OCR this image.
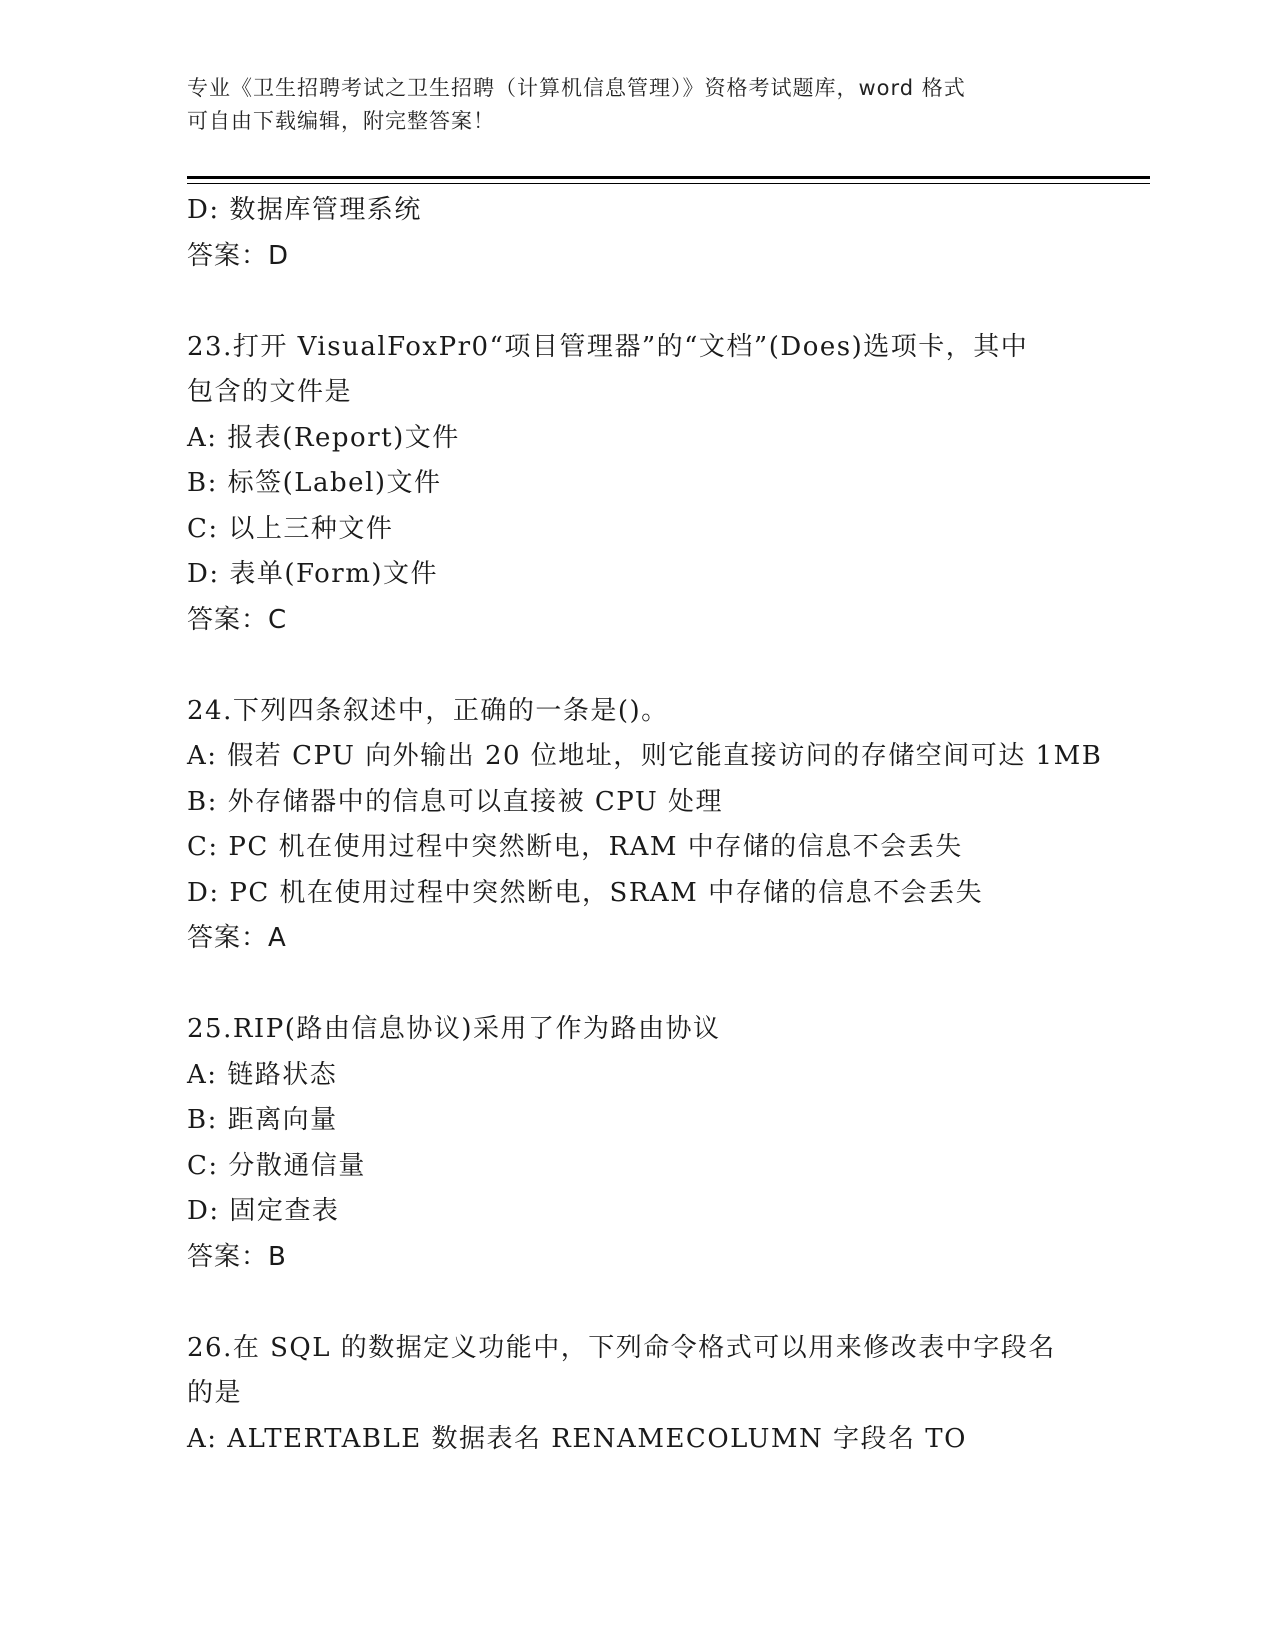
专业《卫生招聘考试之卫生招聘（计算机信息管理）》资格考试题库，word 格式
可自由下载编辑，附完整答案！
D: 数据库管理系统
答案：D
23.打开 VisualFoxPr0“项目管理器”的“文档”(Does)选项卡，其中
包含的文件是
A: 报表(Report)文件
B: 标签(Label)文件
C: 以上三种文件
D: 表单(Form)文件
答案：C
24.下列四条叙述中，正确的一条是()。
A: 假若 CPU 向外输出 20 位地址，则它能直接访问的存储空间可达 1MB
B: 外存储器中的信息可以直接被 CPU 处理
C: PC 机在使用过程中突然断电，RAM 中存储的信息不会丢失
D: PC 机在使用过程中突然断电，SRAM 中存储的信息不会丢失
答案：A
25.RIP(路由信息协议)采用了作为路由协议
A: 链路状态
B: 距离向量
C: 分散通信量
D: 固定查表
答案：B
26.在 SQL 的数据定义功能中，下列命令格式可以用来修改表中字段名
的是
A: ALTERTABLE 数据表名 RENAMECOLUMN 字段名 TO
